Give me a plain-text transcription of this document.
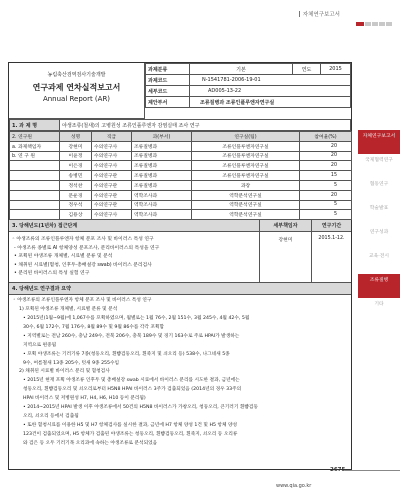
자체연구보고서
자체연구보고서
국제협력연구
협동연구
학술발표
연구성과
교육·전시
조류질병
기타
농림축산검역검사기술개발
연구과제 연차실적보고서
Annual Report (AR)
과제분류	기본	연도	2015
과제코드	N-1541781-2006-19-01		
세부코드	AD005-13-22		
제안부서	조류질병과 조류인플루엔자연구실		
1. 과 제 명	야생조류(철새)의 고병원성 조류인플루엔자 감염실태 조사 연구
2. 연구원	성명	직급	과(부서)	연구실(팀)	참여율(%)
a. 과제책임자	강현미	수의연구사	조류질병과	조류인플루엔자연구실	20
b. 연 구 원	이윤정	수의연구사	조류질병과	조류인플루엔자연구실	20
	이은경	수의연구사	조류질병과	조류인플루엔자연구실	20
	송병민	수의연구관	조류질병과	조류인플루엔자연구실	15
	정석찬	수의연구관	조류질병과	과장	5
	문운경	수의연구관	역학조사과	역학분석연구실	20
	정우석	수의연구관	역학조사과	역학분석연구실	5
	김용상	수의연구사	역학조사과	역학분석연구실	5
3. 당해년도(1년차) 접근단계	세부책임자	연구기간
◦ 야생조류의 조류인플루엔자 항체 분포 조사 및 바이러스 특성 연구
- 야생조류 종별로 AI 항체양성 분포조사, 분리바이러스의 특성을 연구
• 포획된 야생조류 개체별, 시료별 분류 및 분석
• 채취된 시료별(혈청, 인후두·총배설강 swab) 바이러스 분리검사
• 분리된 바이러스의 특성 실험 연구
강현미	2015.1-12.
4. 당해년도 연구결과 요약

◦ 야생조류의 조류인플루엔자 항체 분포 조사 및 바이러스 특성 연구

1) 포획된 야생조류 개체별, 시료별 분류 및 분석

• 2015년(1월~9월)에 1,067수를 포획하였으며, 월별로는 1월 76수, 2월 151수, 3월 245수, 4월 42수, 5월

30수, 6월 172수, 7월 176수, 8월 89수 및 9월 86수를 각각 포획함

• 지역별로는 전남 260수, 충남 249수, 전북 206수, 충북 189수 및 경기 163수로 주로 HPAI가 발생하는

지역으로 편중됨

• 포획 야생조류는 기러기류 7종(청둥오리, 흰뺨검둥오리, 흰죽지 및 쇠오리 등) 538수, 나그네새 5종

9수, 여름철새 13종 205수, 텃새 9종 255수임

2) 채취된 시료별 바이러스 분리 및 혈청검사

• 2015년 현재 포획 야생조류 인후두 및 총배설강 swab 시료에서 바이러스 분리를 시도한 결과, 금년에는

청둥오리, 흰뺨검둥오리 및 쇠오리로부터 H5N8 HPAI 바이러스 3주가 검출되었음 (2014년의 경우 33주의

HPAI 바이러스 및 저병원성 H7, H4, H6, H10 등이 분리됨)

• 2014~2015년 HPAI 발생 이후 야생조류에서 50건의 H5N8 바이러스가 가창오리, 청둥오리, 큰기러기 흰뺨검둥

오리, 쇠오리 등에서 검출됨

• 또한 혈청시료를 이용한 H5 및 H7 항체검사를 실시한 결과, 금년에 H7 항체 양성 1건 및 H5 항체 양성

123건이 검출되었으며, H5 항체가 검출된 야생조류는 청둥오리, 흰뺨검둥오리, 흰죽지, 쇠오리 등 오리류

와 검은 등 오두 기러기목 오리과에 속하는 야생조류로 분석되었음

2675
www.qia.go.kr
